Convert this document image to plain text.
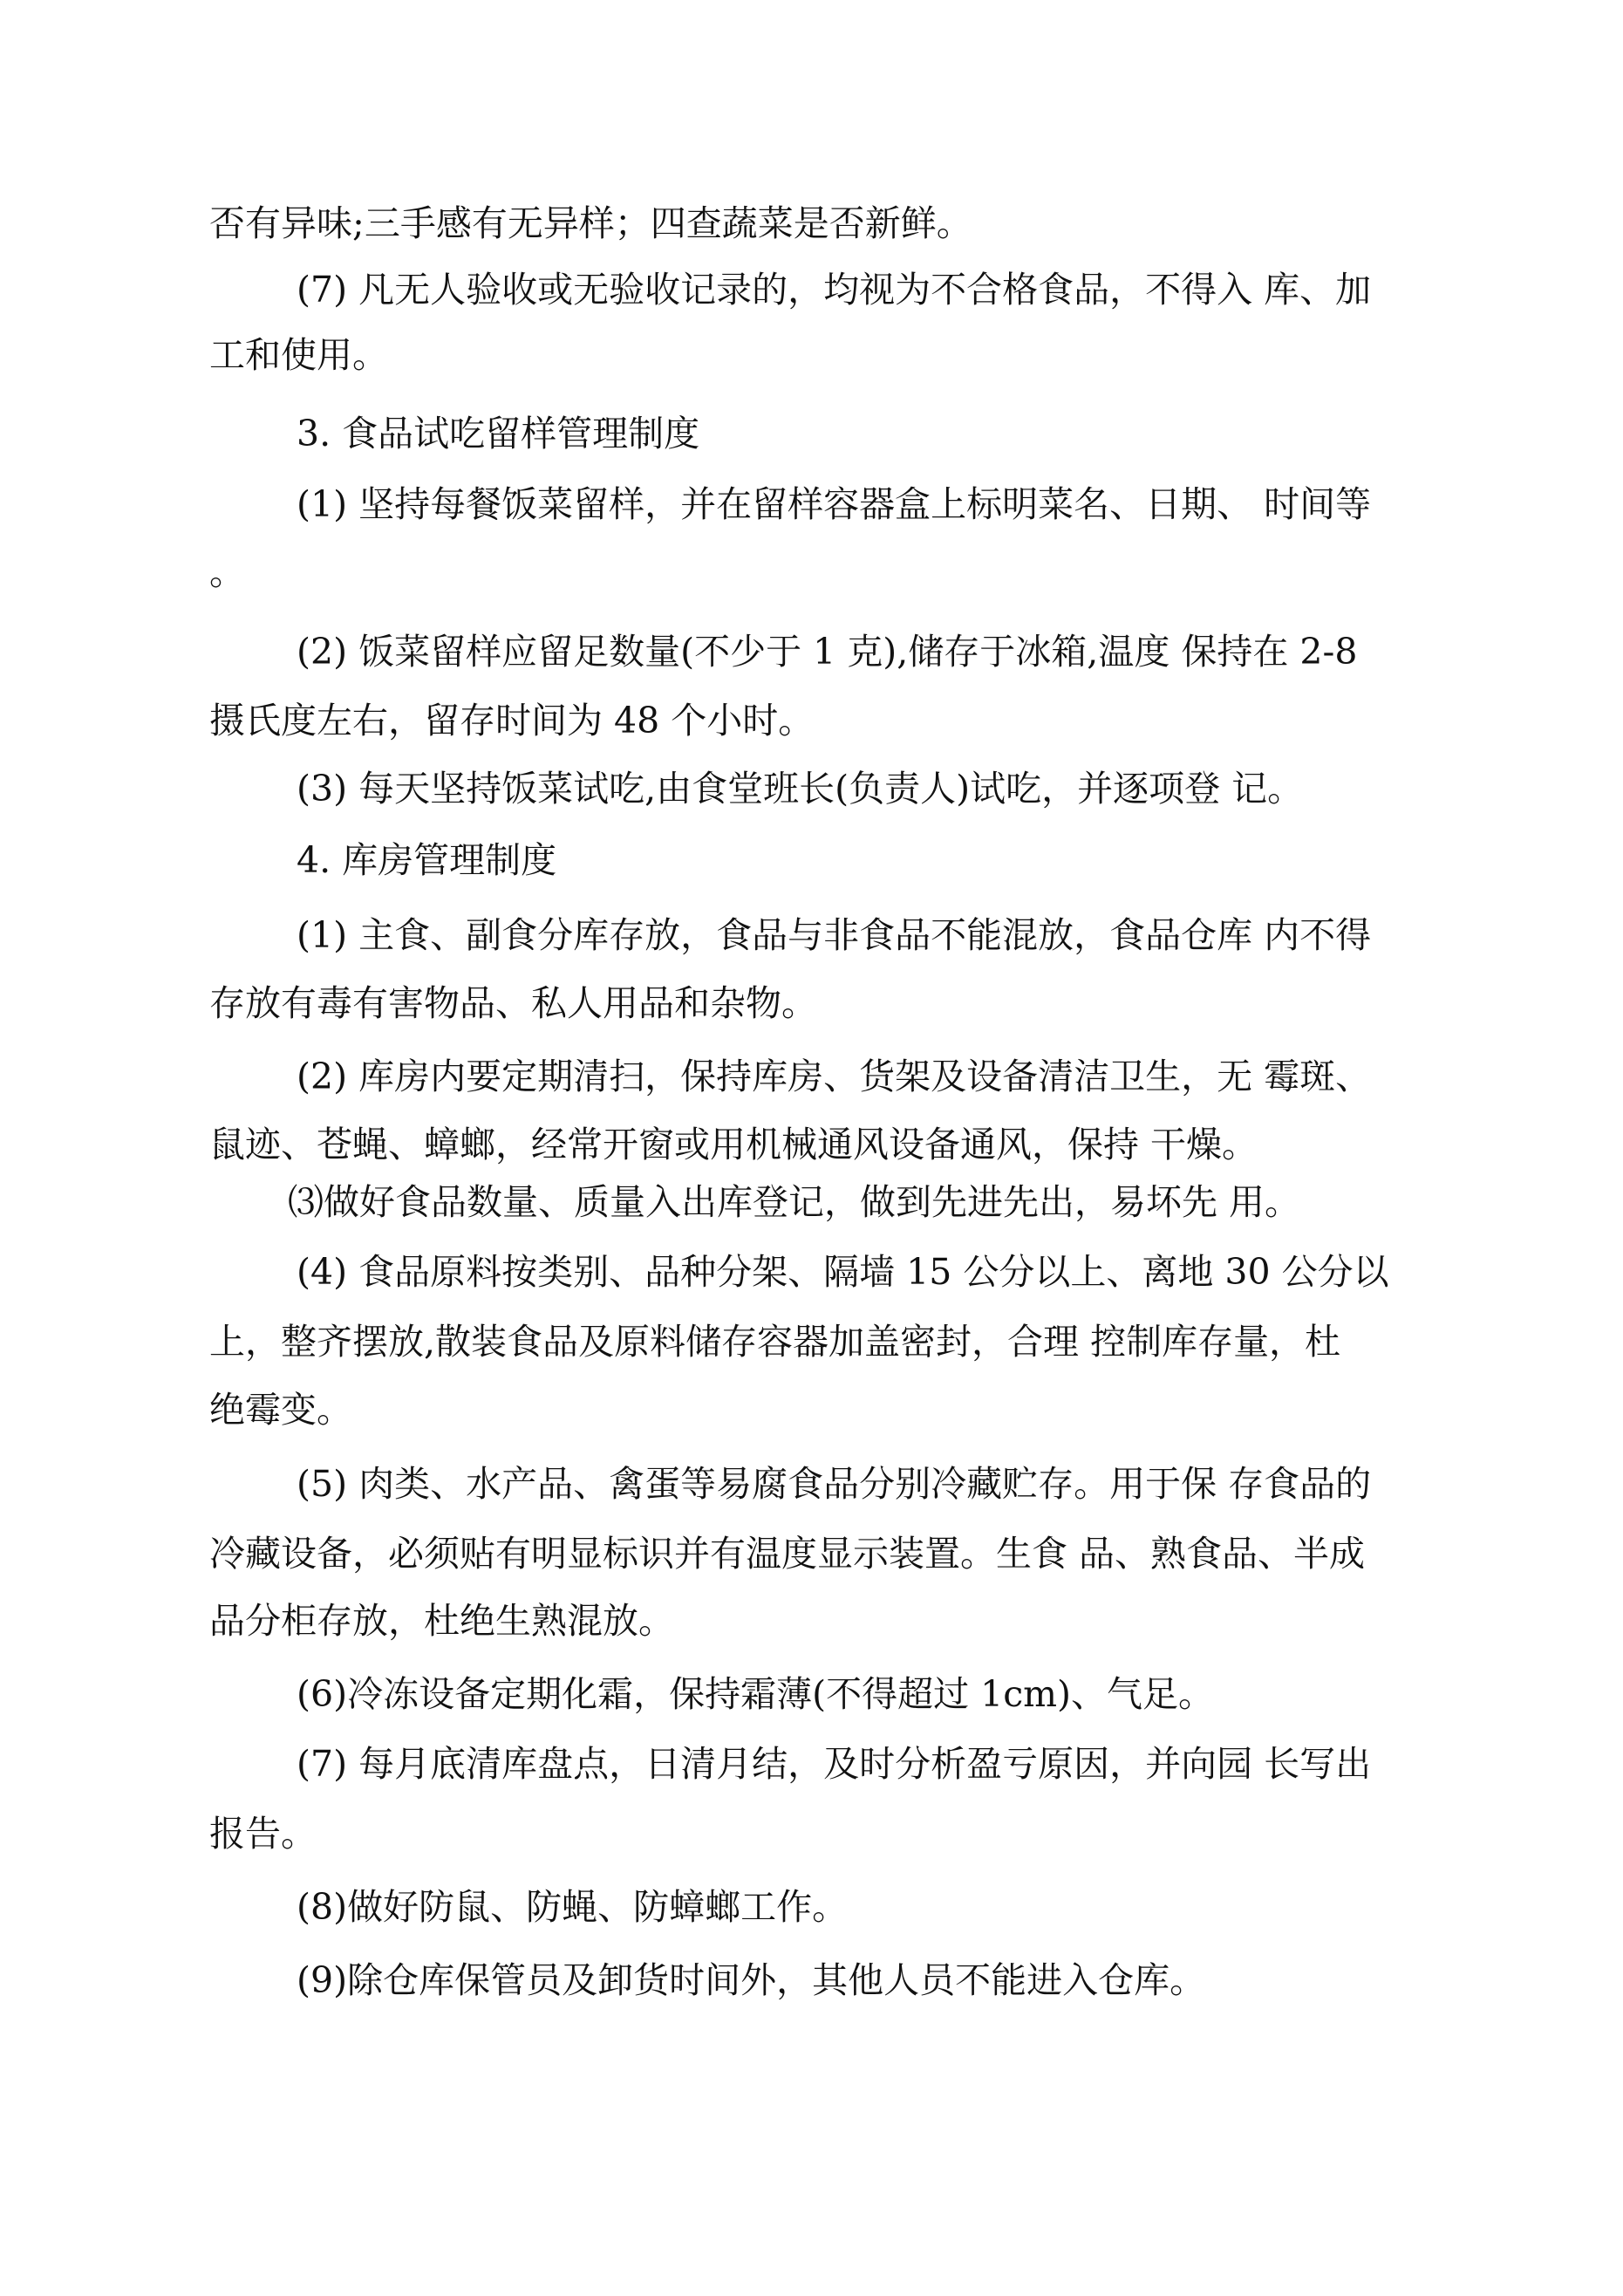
否有异味;三手感有无异样；四查蔬菜是否新鲜。

(7) 凡无人验收或无验收记录的，均视为不合格食品，不得入 库、加

工和使用。

3. 食品试吃留样管理制度

(1) 坚持每餐饭菜留样，并在留样容器盒上标明菜名、日期、 时间等

。

(2) 饭菜留样应留足数量(不少于 1 克),储存于冰箱,温度 保持在 2-8

摄氏度左右，留存时间为 48 个小时。

(3) 每天坚持饭菜试吃,由食堂班长(负责人)试吃，并逐项登 记。

4. 库房管理制度

(1) 主食、副食分库存放，食品与非食品不能混放，食品仓库 内不得

存放有毒有害物品、私人用品和杂物。

(2) 库房内要定期清扫，保持库房、货架及设备清洁卫生，无 霉斑、

鼠迹、苍蝇、蟑螂，经常开窗或用机械通风设备通风，保持 干燥。

⑶做好食品数量、质量入出库登记，做到先进先出，易坏先 用。

(4) 食品原料按类别、品种分架、隔墙 15 公分以上、离地 30 公分以

上，整齐摆放,散装食品及原料储存容器加盖密封，合理 控制库存量，杜

绝霉变。

(5) 肉类、水产品、禽蛋等易腐食品分别冷藏贮存。用于保 存食品的

冷藏设备，必须贴有明显标识并有温度显示装置。生食 品、熟食品、半成

品分柜存放，杜绝生熟混放。

(6)冷冻设备定期化霜，保持霜薄(不得超过 1cm)、气足。

(7) 每月底清库盘点，日清月结，及时分析盈亏原因，并向园 长写出

报告。

(8)做好防鼠、防蝇、防蟑螂工作。

(9)除仓库保管员及卸货时间外，其他人员不能进入仓库。
